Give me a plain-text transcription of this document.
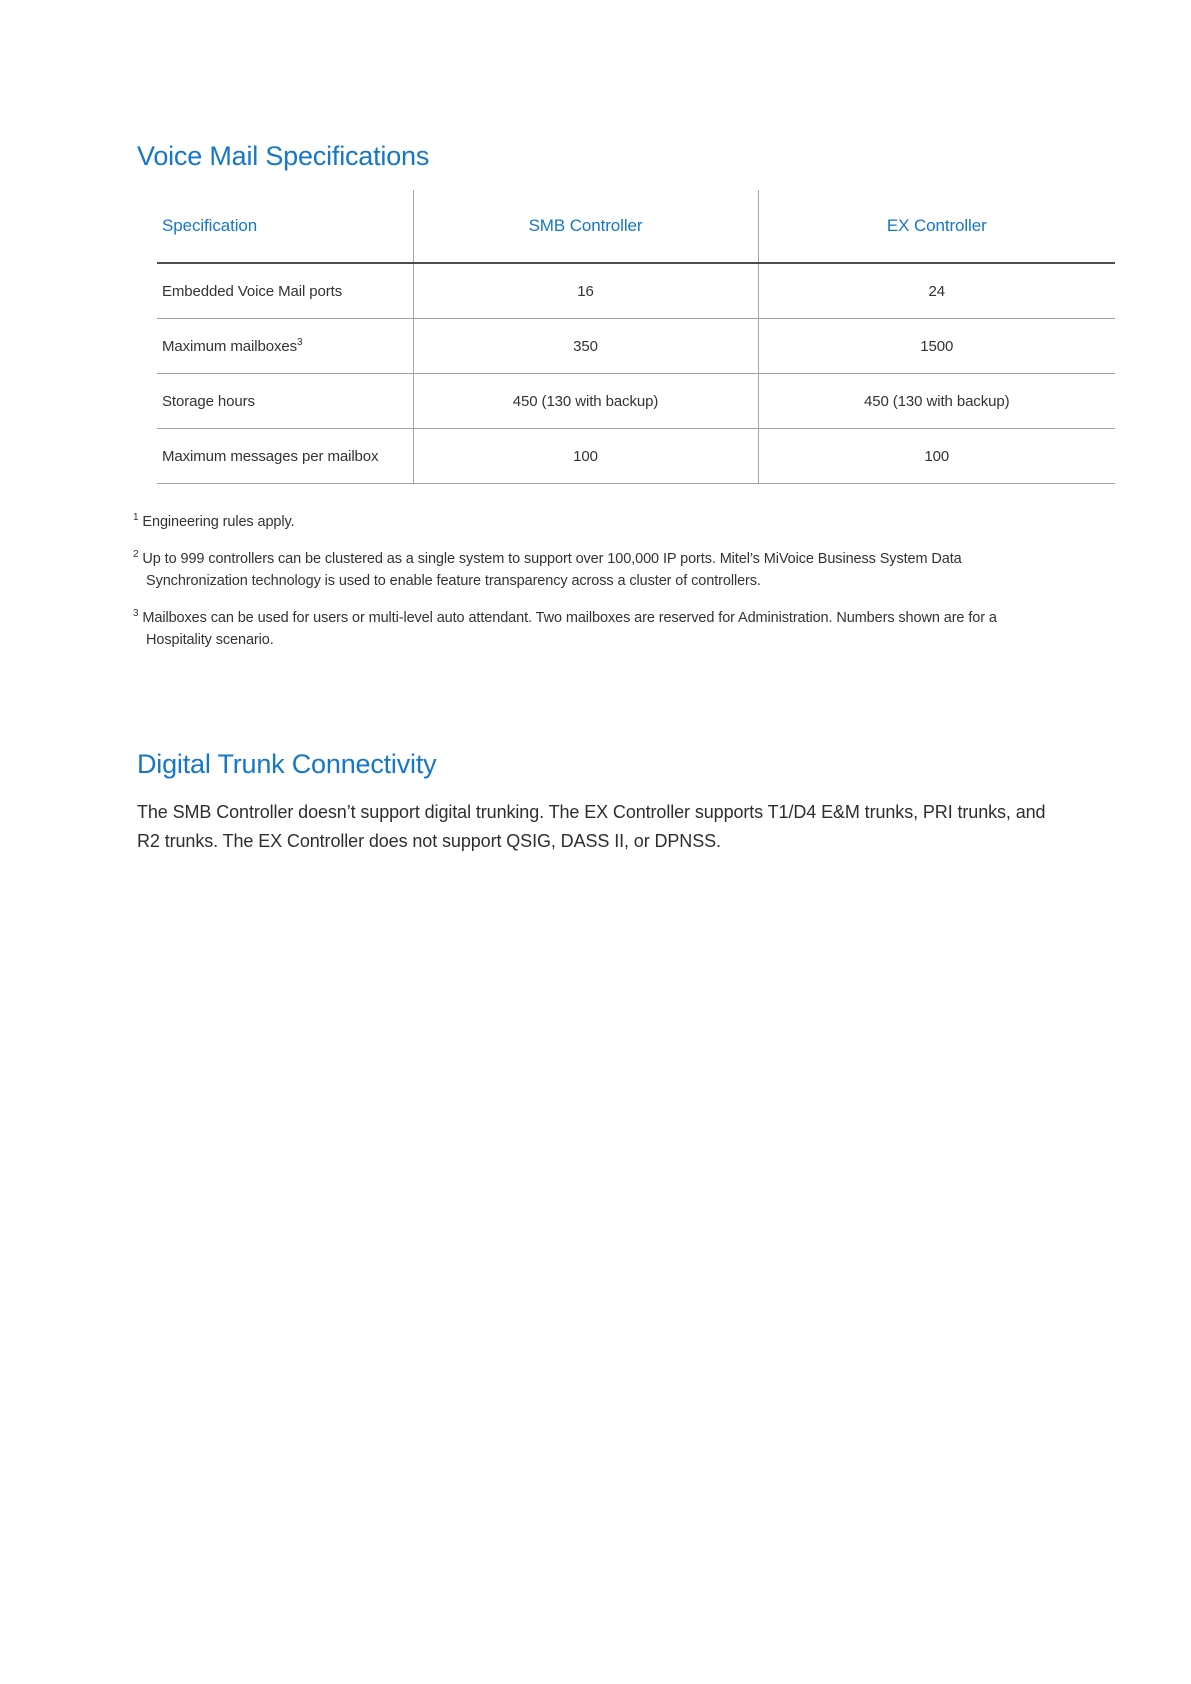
Voice Mail Specifications
Specification	SMB Controller	EX Controller
Embedded Voice Mail ports	16	24
Maximum mailboxes$^3$	350	1500
Storage hours	450 (130 with backup)	450 (130 with backup)
Maximum messages per mailbox	100	100

$^1$ Engineering rules apply.

$^2$ Up to 999 controllers can be clustered as a single system to support over 100,000 IP ports. Mitel’s MiVoice Business System Data Synchronization technology is used to enable feature transparency across a cluster of controllers.

$^3$ Mailboxes can be used for users or multi-level auto attendant. Two mailboxes are reserved for Administration. Numbers shown are for a Hospitality scenario.

Digital Trunk Connectivity

The SMB Controller doesn’t support digital trunking. The EX Controller supports T1/D4 E&M trunks, PRI trunks, and R2 trunks. The EX Controller does not support QSIG, DASS II, or DPNSS.
